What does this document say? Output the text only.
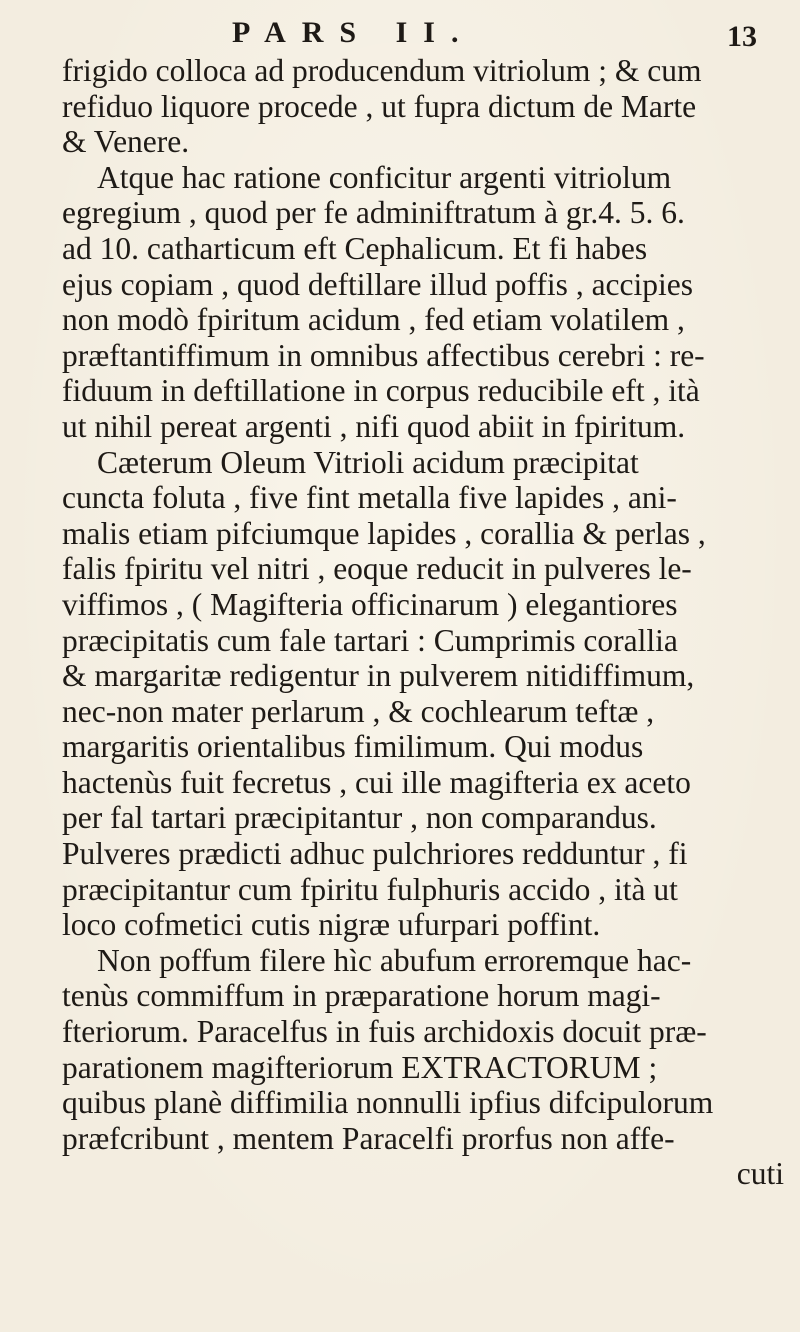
PARS II.	13
frigido colloca ad producendum vitriolum ; & cum
refiduo liquore procede , ut fupra dictum de Marte
& Venere.
Atque hac ratione conficitur argenti vitriolum
egregium , quod per fe adminiftratum à gr.4. 5. 6.
ad 10. catharticum eft Cephalicum. Et fi habes
ejus copiam , quod deftillare illud poffis , accipies
non modò fpiritum acidum , fed etiam volatilem ,
præftantiffimum in omnibus affectibus cerebri : re-
fiduum in deftillatione in corpus reducibile eft , ità
ut nihil pereat argenti , nifi quod abiit in fpiritum.
Cæterum Oleum Vitrioli acidum præcipitat
cuncta foluta , five fint metalla five lapides , ani-
malis etiam pifciumque lapides , corallia & perlas ,
falis fpiritu vel nitri , eoque reducit in pulveres le-
viffimos , ( Magifteria officinarum ) elegantiores
præcipitatis cum fale tartari : Cumprimis corallia
& margaritæ redigentur in pulverem nitidiffimum,
nec-non mater perlarum , & cochlearum teftæ ,
margaritis orientalibus fimilimum. Qui modus
hactenùs fuit fecretus , cui ille magifteria ex aceto
per fal tartari præcipitantur , non comparandus.
Pulveres prædicti adhuc pulchriores redduntur , fi
præcipitantur cum fpiritu fulphuris accido , ità ut
loco cofmetici cutis nigræ ufurpari poffint.
Non poffum filere hìc abufum erroremque hac-
tenùs commiffum in præparatione horum magi-
fteriorum. Paracelfus in fuis archidoxis docuit præ-
parationem magifteriorum EXTRACTORUM ;
quibus planè diffimilia nonnulli ipfius difcipulorum
præfcribunt , mentem Paracelfi prorfus non affe-
cuti
